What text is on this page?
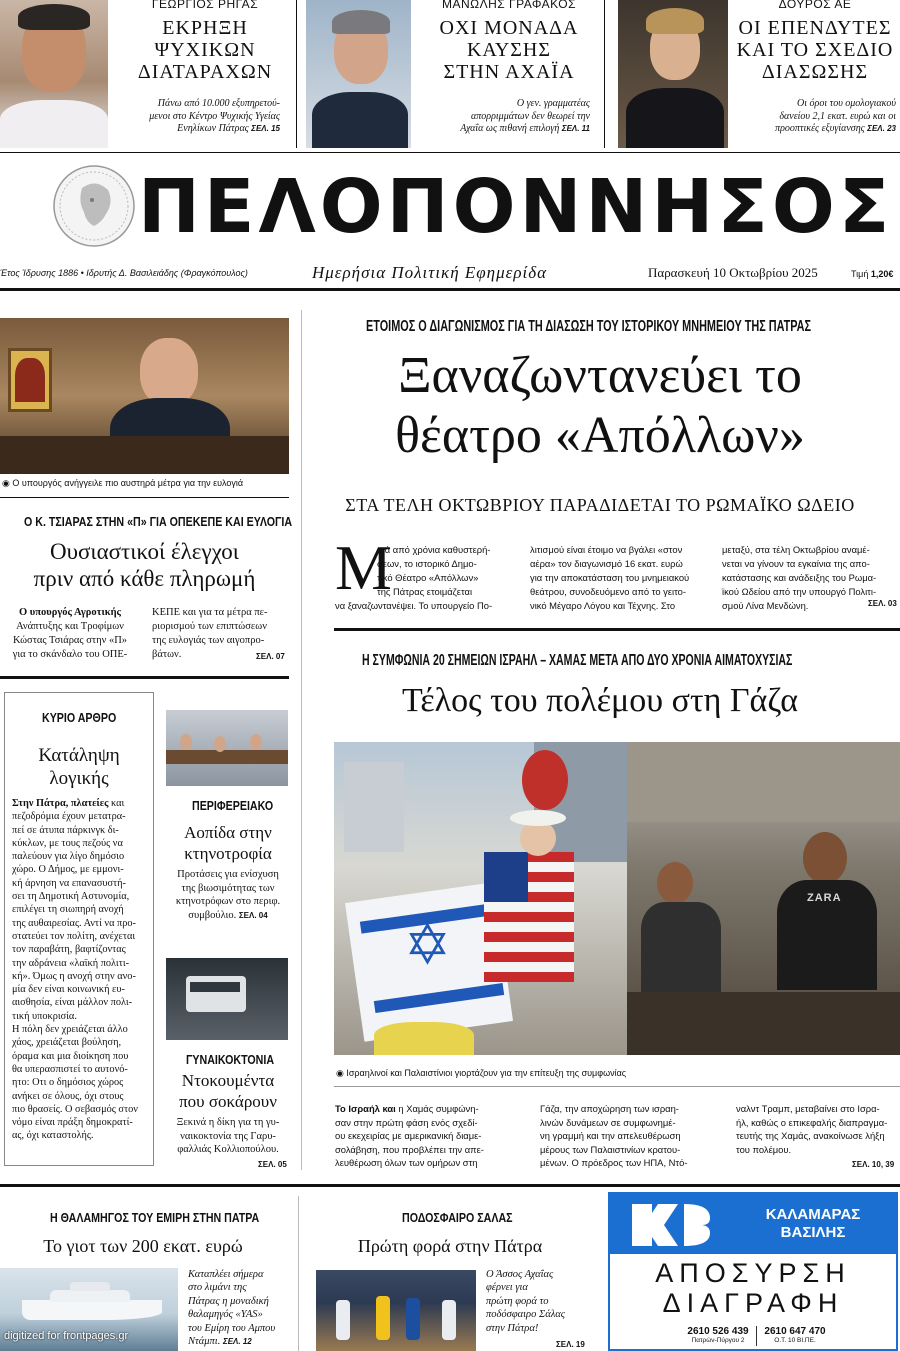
ΓΕΩΡΓΙΟΣ ΡΗΓΑΣ
ΕΚΡΗΞΗ
ΨΥΧΙΚΩΝ
ΔΙΑΤΑΡΑΧΩΝ
Πάνω από 10.000 εξυπηρετού-
μενοι στο Κέντρο Ψυχικής Υγείας
Ενηλίκων Πάτρας ΣΕΛ. 15
ΜΑΝΩΛΗΣ ΓΡΑΦΑΚΟΣ
ΟΧΙ ΜΟΝΑΔΑ
ΚΑΥΣΗΣ
ΣΤΗΝ ΑΧΑΪΑ
Ο γεν. γραμματέας
απορριμμάτων δεν θεωρεί την
Αχαΐα ως πιθανή επιλογή ΣΕΛ. 11
ΔΟΥΡΟΣ ΑΕ
ΟΙ ΕΠΕΝΔΥΤΕΣ
ΚΑΙ ΤΟ ΣΧΕΔΙΟ
ΔΙΑΣΩΣΗΣ
Οι όροι του ομολογιακού
δανείου 2,1 εκατ. ευρώ και οι
προοπτικές εξυγίανσης ΣΕΛ. 23
ΠΕΛΟΠΟΝΝΗΣΟΣ
Έτος Ίδρυσης 1886 • Ιδρυτής Δ. Βασιλειάδης (Φραγκόπουλος)	Ημερήσια Πολιτική Εφημερίδα	Παρασκευή 10 Οκτωβρίου 2025	Τιμή 1,20€
◉ Ο υπουργός ανήγγειλε πιο αυστηρά μέτρα για την ευλογιά
Ο Κ. ΤΣΙΑΡΑΣ ΣΤΗΝ «Π» ΓΙΑ ΟΠΕΚΕΠΕ ΚΑΙ ΕΥΛΟΓΙΑ
Ουσιαστικοί έλεγχοι
πριν από κάθε πληρωμή
Ο υπουργός Αγροτικής
Ανάπτυξης και Τροφίμων
Κώστας Τσιάρας στην «Π»
για το σκάνδαλο του ΟΠΕ-
ΚΕΠΕ και για τα μέτρα πε-
ριορισμού των επιπτώσεων
της ευλογιάς των αιγοπρο-
βάτων.	ΣΕΛ. 07
ΚΥΡΙΟ ΑΡΘΡΟ
Κατάληψη
λογικής
Στην Πάτρα, πλατείες και
πεζοδρόμια έχουν μετατρα-
πεί σε άτυπα πάρκινγκ δι-
κύκλων, με τους πεζούς να
παλεύουν για λίγο δημόσιο
χώρο. Ο Δήμος, με εμμονι-
κή άρνηση να επανασυστή-
σει τη Δημοτική Αστυνομία,
επιλέγει τη σιωπηρή ανοχή
της αυθαιρεσίας. Αντί να προ-
στατεύει τον πολίτη, ανέχεται
τον παραβάτη, βαφτίζοντας
την αδράνεια «λαϊκή πολιτι-
κή». Όμως η ανοχή στην ανο-
μία δεν είναι κοινωνική ευ-
αισθησία, είναι μάλλον πολι-
τική υποκρισία.
Η πόλη δεν χρειάζεται άλλο
χάος, χρειάζεται βούληση,
όραμα και μια διοίκηση που
θα υπερασπιστεί το αυτονό-
ητο: Οτι ο δημόσιος χώρος
ανήκει σε όλους, όχι στους
πιο θρασείς. Ο σεβασμός στον
νόμο είναι πράξη δημοκρατί-
ας, όχι καταστολής.
ΠΕΡΙΦΕΡΕΙΑΚΟ
Αοπίδα στην
κτηνοτροφία
Προτάσεις για ενίσχυση
της βιωσιμότητας των
κτηνοτρόφων στο περιφ.
συμβούλιο. ΣΕΛ. 04
ΓΥΝΑΙΚΟΚΤΟΝΙΑ
Ντοκουμέντα
που σοκάρουν
Ξεκινά η δίκη για τη γυ-
ναικοκτονία της Γαρυ-
φαλλιάς Κολλιοπούλου.
ΣΕΛ. 05
ΕΤΟΙΜΟΣ Ο ΔΙΑΓΩΝΙΣΜΟΣ ΓΙΑ ΤΗ ΔΙΑΣΩΣΗ ΤΟΥ ΙΣΤΟΡΙΚΟΥ ΜΝΗΜΕΙΟΥ ΤΗΣ ΠΑΤΡΑΣ
Ξαναζωντανεύει το
θέατρο «Απόλλων»
ΣΤΑ ΤΕΛΗ ΟΚΤΩΒΡΙΟΥ ΠΑΡΑΔΙΔΕΤΑΙ ΤΟ ΡΩΜΑΪΚΟ ΩΔΕΙΟ
Μ
ετά από χρόνια καθυστερή-
σεων, το ιστορικό Δημο-
τικό Θέατρο «Απόλλων»
της Πάτρας ετοιμάζεται
να ξαναζωντανέψει. Το υπουργείο Πο-
λιτισμού είναι έτοιμο να βγάλει «στον
αέρα» τον διαγωνισμό 16 εκατ. ευρώ
για την αποκατάσταση του μνημειακού
θεάτρου, συνοδευόμενο από το γειτο-
νικό Μέγαρο Λόγου και Τέχνης. Στο
μεταξύ, στα τέλη Οκτωβρίου αναμέ-
νεται να γίνουν τα εγκαίνια της απο-
κατάστασης και ανάδειξης του Ρωμα-
ϊκού Ωδείου από την υπουργό Πολιτι-
σμού Λίνα Μενδώνη.	ΣΕΛ. 03
Η ΣΥΜΦΩΝΙΑ 20 ΣΗΜΕΙΩΝ ΙΣΡΑΗΛ – ΧΑΜΑΣ ΜΕΤΑ ΑΠΟ ΔΥΟ ΧΡΟΝΙΑ ΑΙΜΑΤΟΧΥΣΙΑΣ
Τέλος του πολέμου στη Γάζα
✡
ZARA
◉ Ισραηλινοί και Παλαιστίνιοι γιορτάζουν για την επίτευξη της συμφωνίας
Το Ισραήλ και η Χαμάς συμφώνη-
σαν στην πρώτη φάση ενός σχεδί-
ου εκεχειρίας με αμερικανική διαμε-
σολάβηση, που προβλέπει την απε-
λευθέρωση όλων των ομήρων στη
Γάζα, την αποχώρηση των ισραη-
λινών δυνάμεων σε συμφωνημέ-
νη γραμμή και την απελευθέρωση
μέρους των Παλαιστινίων κρατου-
μένων. Ο πρόεδρος των ΗΠΑ, Ντό-
ναλντ Τραμπ, μεταβαίνει στο Ισρα-
ήλ, καθώς ο επικεφαλής διαπραγμα-
τευτής της Χαμάς, ανακοίνωσε λήξη
του πολέμου.
ΣΕΛ. 10, 39
Η ΘΑΛΑΜΗΓΟΣ ΤΟΥ ΕΜΙΡΗ ΣΤΗΝ ΠΑΤΡΑ
Το γιοτ των 200 εκατ. ευρώ
Καταπλέει σήμερα
στο λιμάνι της
Πάτρας η μοναδική
θαλαμηγός «YAS»
του Εμίρη του Αμπου
Ντάμπι. ΣΕΛ. 12
digitized for frontpages.gr
ΠΟΔΟΣΦΑΙΡΟ ΣΑΛΑΣ
Πρώτη φορά στην Πάτρα
Ο Άσσος Αχαΐας
φέρνει για
πρώτη φορά το
ποδόσφαιρο Σάλας
στην Πάτρα!
ΣΕΛ. 19
ΚΑΛΑΜΑΡΑΣ
ΒΑΣΙΛΗΣ
ΑΠΟΣΥΡΣΗ
ΔΙΑΓΡΑΦΗ
2610 526 439
Πατρών-Πύργου 2
2610 647 470
Ο.Τ. 10 ΒΙ.ΠΕ.
